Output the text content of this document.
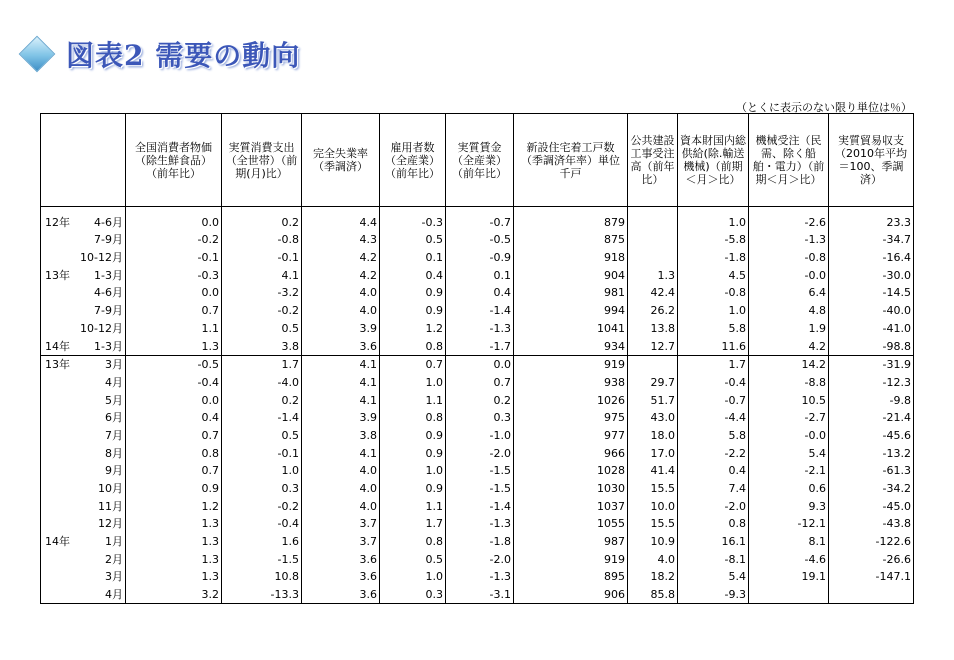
図表2 需要の動向
（とくに表示のない限り単位は％）
	全国消費者物価（除生鮮食品）（前年比）	実質消費支出（全世帯）（前期(月)比）	完全失業率（季調済）	雇用者数（全産業）（前年比）	実質賃金（全産業）（前年比）	新設住宅着工戸数（季調済年率）単位　千戸	公共建設工事受注高（前年比）	資本財国内総供給(除.輸送機械)（前期＜月＞比）	機械受注（民需、除く船舶・電力）（前期＜月＞比）	実質貿易収支（2010年平均＝100、季調済）
12年 4-6月	0.0	0.2	4.4	-0.3	-0.7	879		1.0	-2.6	23.3
7-9月	-0.2	-0.8	4.3	0.5	-0.5	875		-5.8	-1.3	-34.7
10-12月	-0.1	-0.1	4.2	0.1	-0.9	918		-1.8	-0.8	-16.4
13年 1-3月	-0.3	4.1	4.2	0.4	0.1	904	1.3	4.5	-0.0	-30.0
4-6月	0.0	-3.2	4.0	0.9	0.4	981	42.4	-0.8	6.4	-14.5
7-9月	0.7	-0.2	4.0	0.9	-1.4	994	26.2	1.0	4.8	-40.0
10-12月	1.1	0.5	3.9	1.2	-1.3	1041	13.8	5.8	1.9	-41.0
14年 1-3月	1.3	3.8	3.6	0.8	-1.7	934	12.7	11.6	4.2	-98.8
13年 3月	-0.5	1.7	4.1	0.7	0.0	919		1.7	14.2	-31.9
4月	-0.4	-4.0	4.1	1.0	0.7	938	29.7	-0.4	-8.8	-12.3
5月	0.0	0.2	4.1	1.1	0.2	1026	51.7	-0.7	10.5	-9.8
6月	0.4	-1.4	3.9	0.8	0.3	975	43.0	-4.4	-2.7	-21.4
7月	0.7	0.5	3.8	0.9	-1.0	977	18.0	5.8	-0.0	-45.6
8月	0.8	-0.1	4.1	0.9	-2.0	966	17.0	-2.2	5.4	-13.2
9月	0.7	1.0	4.0	1.0	-1.5	1028	41.4	0.4	-2.1	-61.3
10月	0.9	0.3	4.0	0.9	-1.5	1030	15.5	7.4	0.6	-34.2
11月	1.2	-0.2	4.0	1.1	-1.4	1037	10.0	-2.0	9.3	-45.0
12月	1.3	-0.4	3.7	1.7	-1.3	1055	15.5	0.8	-12.1	-43.8
14年 1月	1.3	1.6	3.7	0.8	-1.8	987	10.9	16.1	8.1	-122.6
2月	1.3	-1.5	3.6	0.5	-2.0	919	4.0	-8.1	-4.6	-26.6
3月	1.3	10.8	3.6	1.0	-1.3	895	18.2	5.4	19.1	-147.1
4月	3.2	-13.3	3.6	0.3	-3.1	906	85.8	-9.3		
